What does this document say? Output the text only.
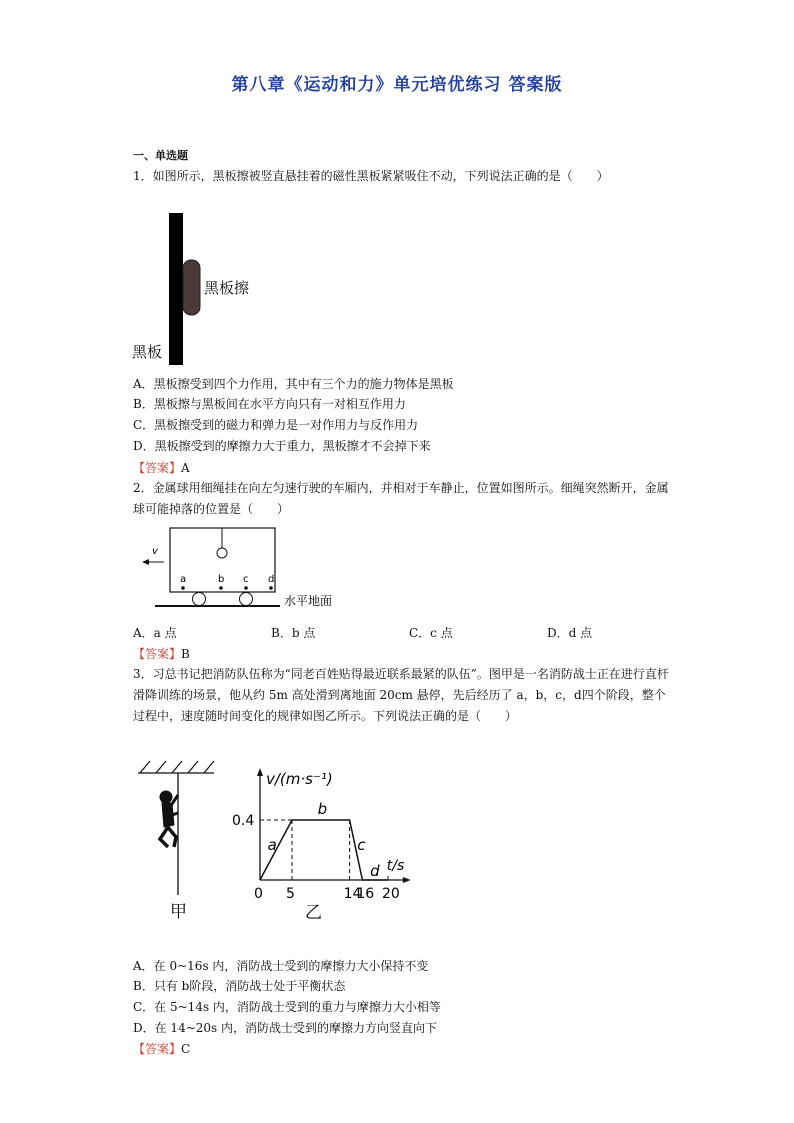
第八章《运动和力》单元培优练习 答案版
一、单选题
1．如图所示，黑板擦被竖直悬挂着的磁性黑板紧紧吸住不动，下列说法正确的是（　　）
黑板擦
黑板
A．黑板擦受到四个力作用，其中有三个力的施力物体是黑板
B．黑板擦与黑板间在水平方向只有一对相互作用力
C．黑板擦受到的磁力和弹力是一对作用力与反作用力
D．黑板擦受到的摩擦力大于重力，黑板擦才不会掉下来
【答案】A
2．金属球用细绳挂在向左匀速行驶的车厢内，并相对于车静止，位置如图所示。细绳突然断开，金属球可能掉落的位置是（　　）
v
a	b c d
水平地面
A．a 点	B．b 点	C．c 点	D．d 点
【答案】B
3．习总书记把消防队伍称为“同老百姓贴得最近联系最紧的队伍”。图甲是一名消防战士正在进行直杆滑降训练的场景，他从约 5m 高处滑到离地面 20cm 悬停，先后经历了 a，b，c，d四个阶段，整个过程中，速度随时间变化的规律如图乙所示。下列说法正确的是（　　）
甲
v/(m·s⁻¹)
t/s
0.4
0 5	14
16 20
a
b
c
d
乙
A．在 0~16s 内，消防战士受到的摩擦力大小保持不变
B．只有 b阶段，消防战士处于平衡状态
C．在 5~14s 内，消防战士受到的重力与摩擦力大小相等
D．在 14~20s 内，消防战士受到的摩擦力方向竖直向下
【答案】C
